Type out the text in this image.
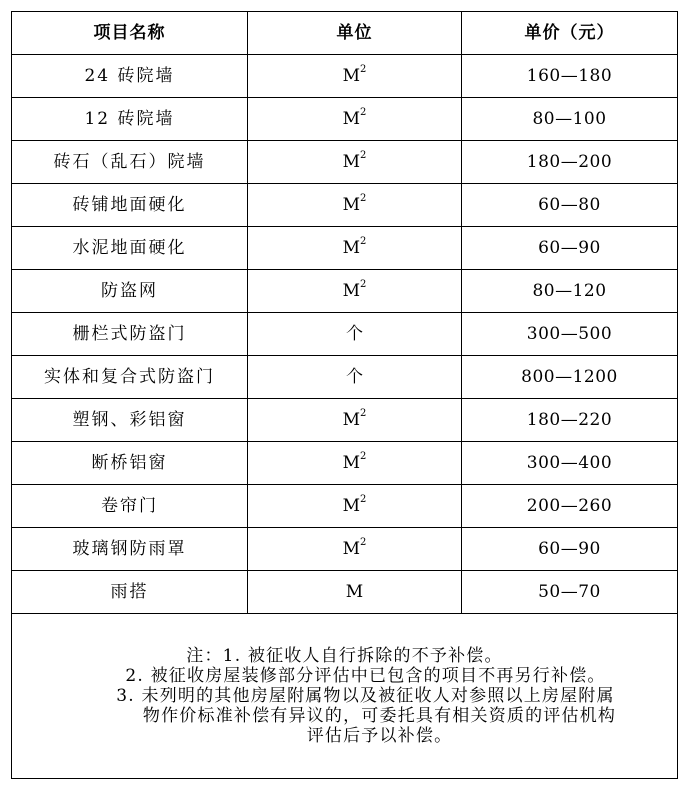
项目名称	单位	单价（元）
24 砖院墙	$M^2$	160—180
12 砖院墙	$M^2$	80—100
砖石（乱石）院墙	$M^2$	180—200
砖铺地面硬化	$M^2$	60—80
水泥地面硬化	$M^2$	60—90
防盗网	$M^2$	80—120
栅栏式防盗门	个	300—500
实体和复合式防盗门	个	800—1200
塑钢、彩铝窗	$M^2$	180—220
断桥铝窗	$M^2$	300—400
卷帘门	$M^2$	200—260
玻璃钢防雨罩	$M^2$	60—90
雨搭	M	50—70

注：1. 被征收人自行拆除的不予补偿。
2. 被征收房屋装修部分评估中已包含的项目不再另行补偿。
3. 未列明的其他房屋附属物以及被征收人对参照以上房屋附属
物作价标准补偿有异议的，可委托具有相关资质的评估机构
评估后予以补偿。		
